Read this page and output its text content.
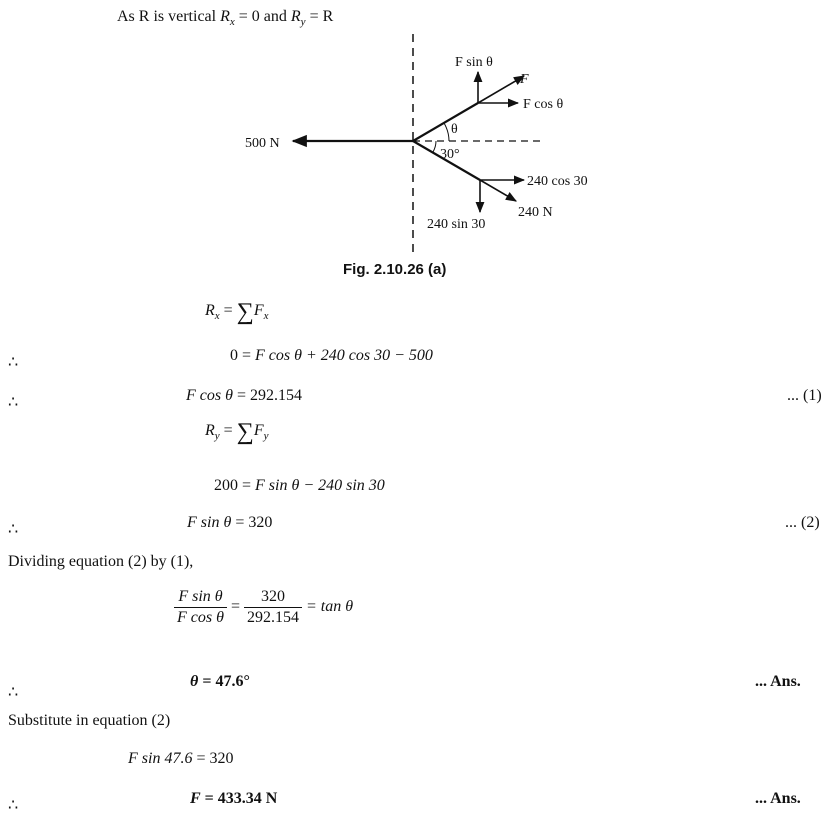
As R is vertical $R_x = 0$ and $R_y = R$
500 N
F sin θ
F
F cos θ
θ
30°
240 cos 30
240 N
240 sin 30
Fig. 2.10.26 (a)
$R_x = \sum F_x$
∴	0 = F cos θ + 240 cos 30 − 500
∴	F cos θ = 292.154	... (1)
$R_y = \sum F_y$
200 = F sin θ − 240 sin 30
∴	F sin θ = 320	... (2)
Dividing equation (2) by (1),
$\frac{\text{F sin θ}}{\text{F cos θ}} = \frac{320}{292.154} = \tan \theta$
∴
θ = 47.6°	... Ans.
Substitute in equation (2)
F sin 47.6 = 320
∴	F = 433.34 N	... Ans.
